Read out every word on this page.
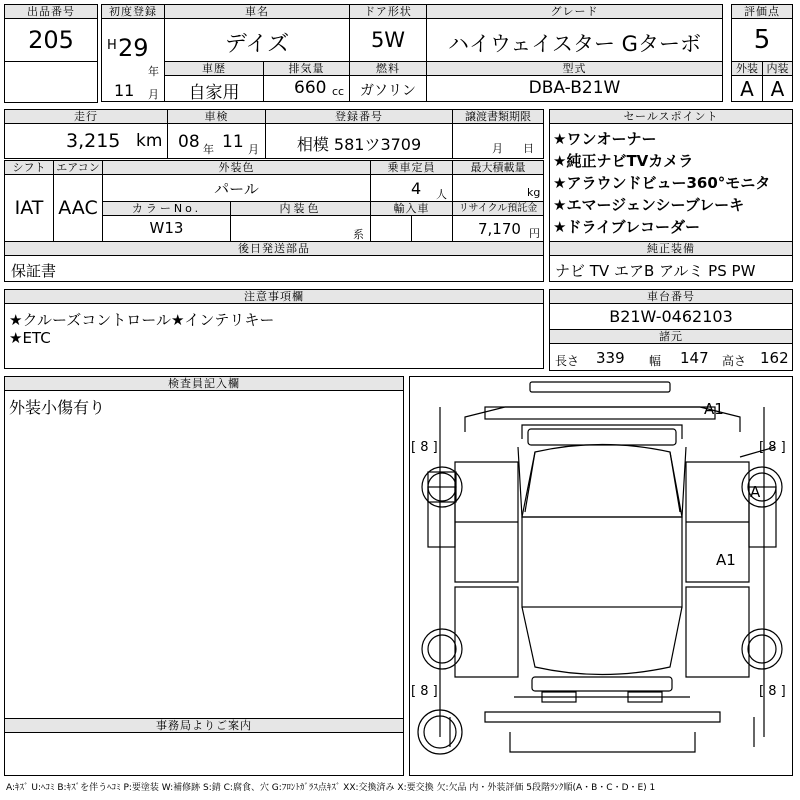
出品番号
205
初度登録
H 29
年
11 月
車名
デイズ
ドア形状
5W
グレード
ハイウェイスター Gターボ
評価点
5
車歴
自家用
排気量
660 cc
燃料
ガソリン
型式
DBA-B21W
外装
A
内装
A
走行
3,215 km
車検
08 年 11 月
登録番号
相模 581ツ3709
譲渡書類期限
月 日
シフト
IAT
エアコン
AAC
外装色
パール
乗車定員
4 人
最大積載量
kg
カラーNo.
W13
内装色
系
輸入車	リサイクル預託金
7,170 円
後日発送部品
保証書
セールスポイント
★ワンオーナー
★純正ナビTVカメラ
★アラウンドビュー360°モニタ
★エマージェンシーブレーキ
★ドライブレコーダー
純正装備
ナビ TV エアB アルミ PS PW
注意事項欄
★クルーズコントロール★インテリキー
★ETC
車台番号
B21W-0462103
諸元
長さ 339 幅 147 高さ 162
検査員記入欄
外装小傷有り
事務局よりご案内
A1
A
A1
[ 8 ]	[ 8 ]
[ 8 ]	[ 8 ]
A:ｷｽﾞ U:ﾍｺﾐ B:ｷｽﾞを伴うﾍｺﾐ P:要塗装 W:補修跡 S:錆 C:腐食、穴 G:ﾌﾛﾝﾄｶﾞﾗｽ点ｷｽﾞ XX:交換済み X:要交換 欠:欠品 内・外装評価 5段階ﾗﾝｸ順(A・B・C・D・E) 1
